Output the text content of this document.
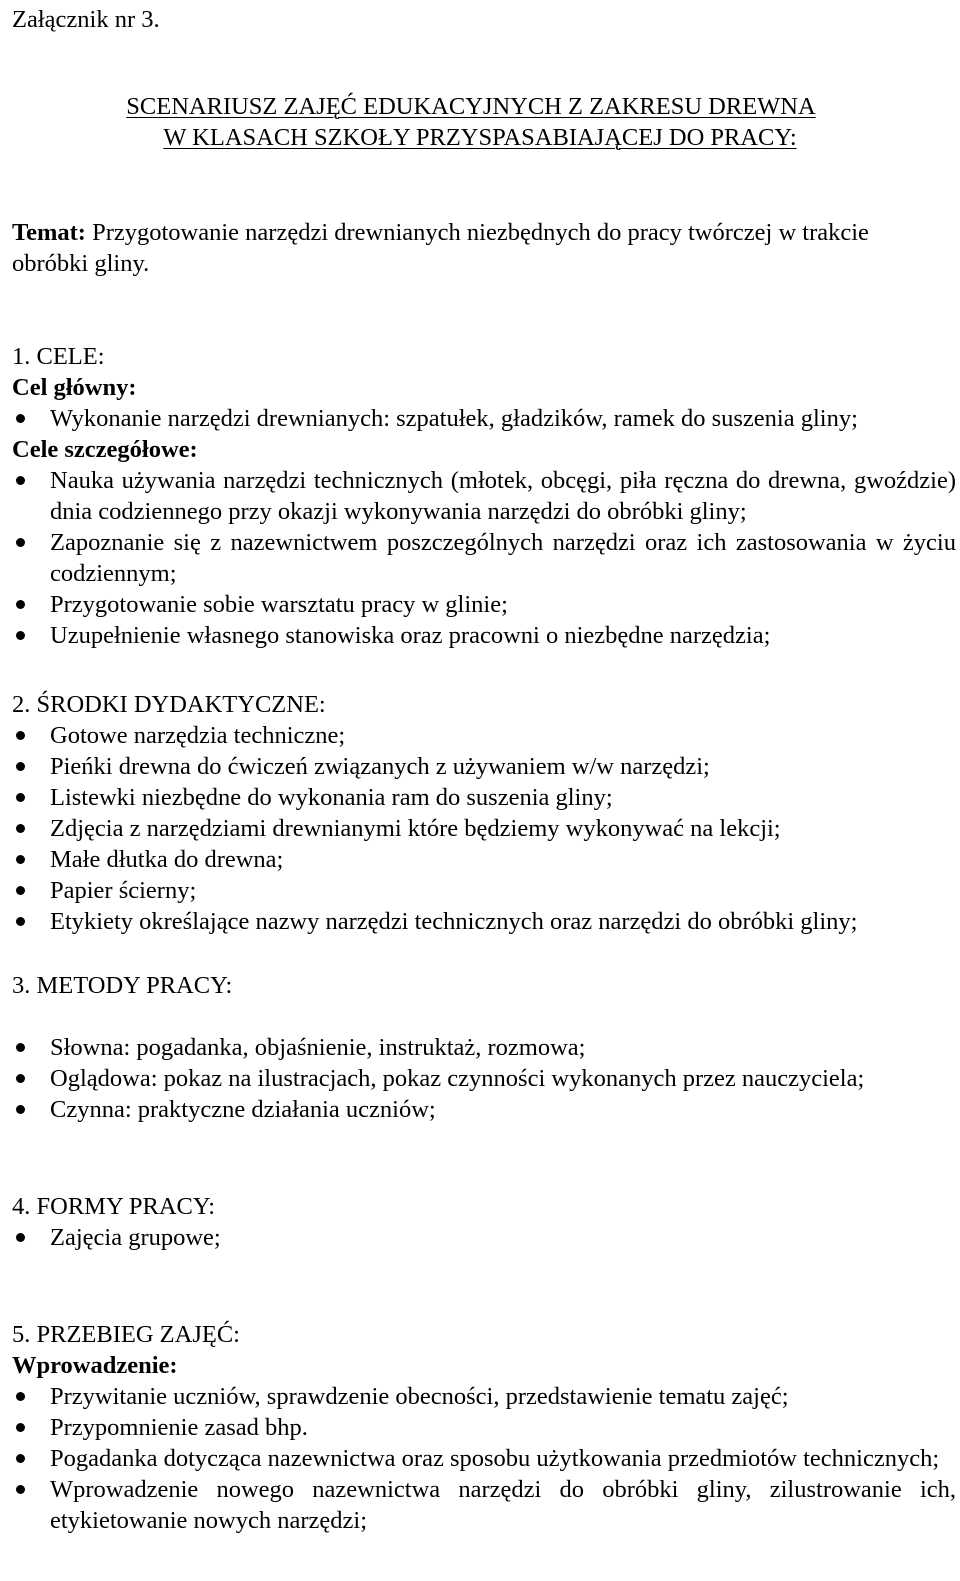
Załącznik nr 3.
SCENARIUSZ ZAJĘĆ EDUKACYJNYCH Z ZAKRESU DREWNA
W KLASACH SZKOŁY PRZYSPASABIAJĄCEJ DO PRACY:
Temat: Przygotowanie narzędzi drewnianych niezbędnych do pracy twórczej w trakcie obróbki gliny.
1. CELE:
Cel główny:
Wykonanie narzędzi drewnianych: szpatułek, gładzików, ramek do suszenia gliny;
Cele szczegółowe:
Nauka używania narzędzi technicznych (młotek, obcęgi, piła ręczna do drewna, gwoździe) dnia codziennego przy okazji wykonywania narzędzi do obróbki gliny;
Zapoznanie się z nazewnictwem poszczególnych narzędzi oraz ich zastosowania w życiu codziennym;
Przygotowanie sobie warsztatu pracy w glinie;
Uzupełnienie własnego stanowiska oraz pracowni o niezbędne narzędzia;
2. ŚRODKI DYDAKTYCZNE:
Gotowe narzędzia techniczne;
Pieńki drewna do ćwiczeń związanych z używaniem w/w narzędzi;
Listewki niezbędne do wykonania ram do suszenia gliny;
Zdjęcia z narzędziami drewnianymi które będziemy wykonywać na lekcji;
Małe dłutka do drewna;
Papier ścierny;
Etykiety określające nazwy narzędzi technicznych oraz narzędzi do obróbki gliny;
3. METODY PRACY:
Słowna: pogadanka, objaśnienie, instruktaż, rozmowa;
Oglądowa: pokaz na ilustracjach, pokaz czynności wykonanych przez nauczyciela;
Czynna: praktyczne działania uczniów;
4. FORMY PRACY:
Zajęcia grupowe;
5. PRZEBIEG ZAJĘĆ:
Wprowadzenie:
Przywitanie uczniów, sprawdzenie obecności, przedstawienie tematu zajęć;
Przypomnienie zasad bhp.
Pogadanka dotycząca nazewnictwa oraz sposobu użytkowania przedmiotów technicznych;
Wprowadzenie nowego nazewnictwa narzędzi do obróbki gliny, zilustrowanie ich, etykietowanie nowych narzędzi;
